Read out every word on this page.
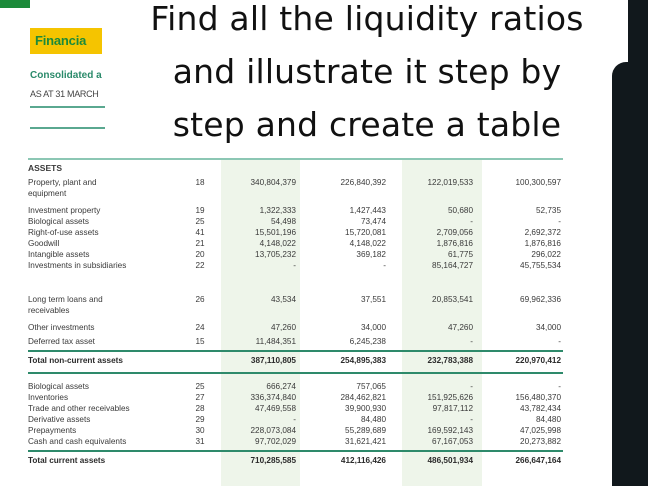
Financia
Consolidated a
AS AT 31 MARCH
Find all the liquidity ratios
and illustrate it step by
step and create a table
ASSETS
Property, plant and equipment
18	340,804,379	226,840,392	122,019,533	100,300,597
Investment property	19	1,322,333	1,427,443	50,680	52,735
Biological assets	25	54,498	73,474	-	-
Right-of-use assets	41	15,501,196	15,720,081	2,709,056	2,692,372
Goodwill	21	4,148,022	4,148,022	1,876,816	1,876,816
Intangible assets	20	13,705,232	369,182	61,775	296,022
Investments in subsidiaries	22	-	-	85,164,727	45,755,534
Long term loans and receivables
26	43,534	37,551	20,853,541	69,962,336
Other investments	24	47,260	34,000	47,260	34,000
Deferred tax asset	15	11,484,351	6,245,238	-	-
Total non-current assets	387,110,805	254,895,383	232,783,388	220,970,412
Biological assets	25	666,274	757,065	-	-
Inventories	27	336,374,840	284,462,821	151,925,626	156,480,370
Trade and other receivables	28	47,469,558	39,900,930	97,817,112	43,782,434
Derivative assets	29	-	84,480	-	84,480
Prepayments	30	228,073,084	55,289,689	169,592,143	47,025,998
Cash and cash equivalents	31	97,702,029	31,621,421	67,167,053	20,273,882
Total current assets	710,285,585	412,116,426	486,501,934	266,647,164
